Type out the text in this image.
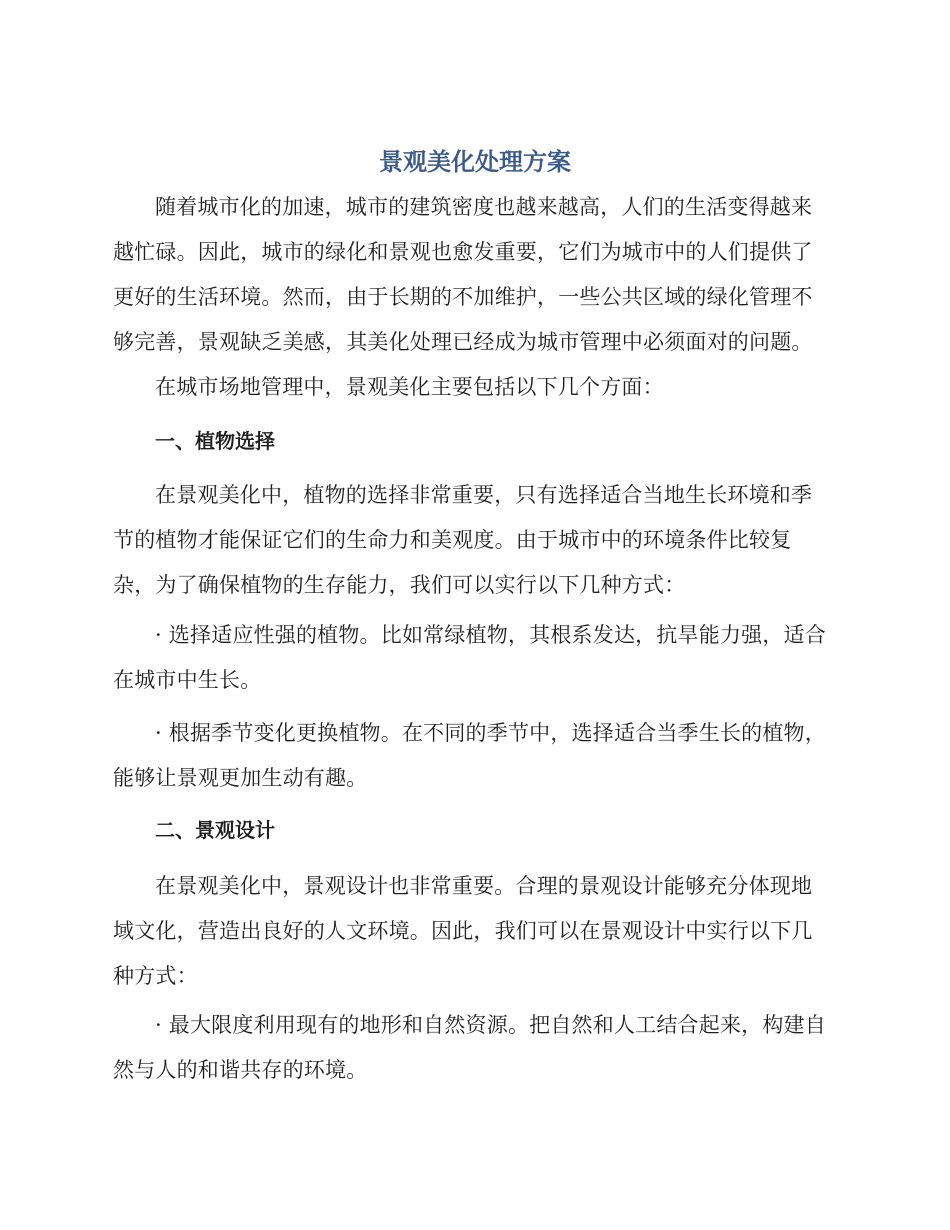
景观美化处理方案

随着城市化的加速，城市的建筑密度也越来越高，人们的生活变得越来越忙碌。因此，城市的绿化和景观也愈发重要，它们为城市中的人们提供了更好的生活环境。然而，由于长期的不加维护，一些公共区域的绿化管理不够完善，景观缺乏美感，其美化处理已经成为城市管理中必须面对的问题。

在城市场地管理中，景观美化主要包括以下几个方面：

一、植物选择

在景观美化中，植物的选择非常重要，只有选择适合当地生长环境和季节的植物才能保证它们的生命力和美观度。由于城市中的环境条件比较复杂，为了确保植物的生存能力，我们可以实行以下几种方式：

· 选择适应性强的植物。比如常绿植物，其根系发达，抗旱能力强，适合在城市中生长。

· 根据季节变化更换植物。在不同的季节中，选择适合当季生长的植物，能够让景观更加生动有趣。

二、景观设计

在景观美化中，景观设计也非常重要。合理的景观设计能够充分体现地域文化，营造出良好的人文环境。因此，我们可以在景观设计中实行以下几种方式：

· 最大限度利用现有的地形和自然资源。把自然和人工结合起来，构建自然与人的和谐共存的环境。
